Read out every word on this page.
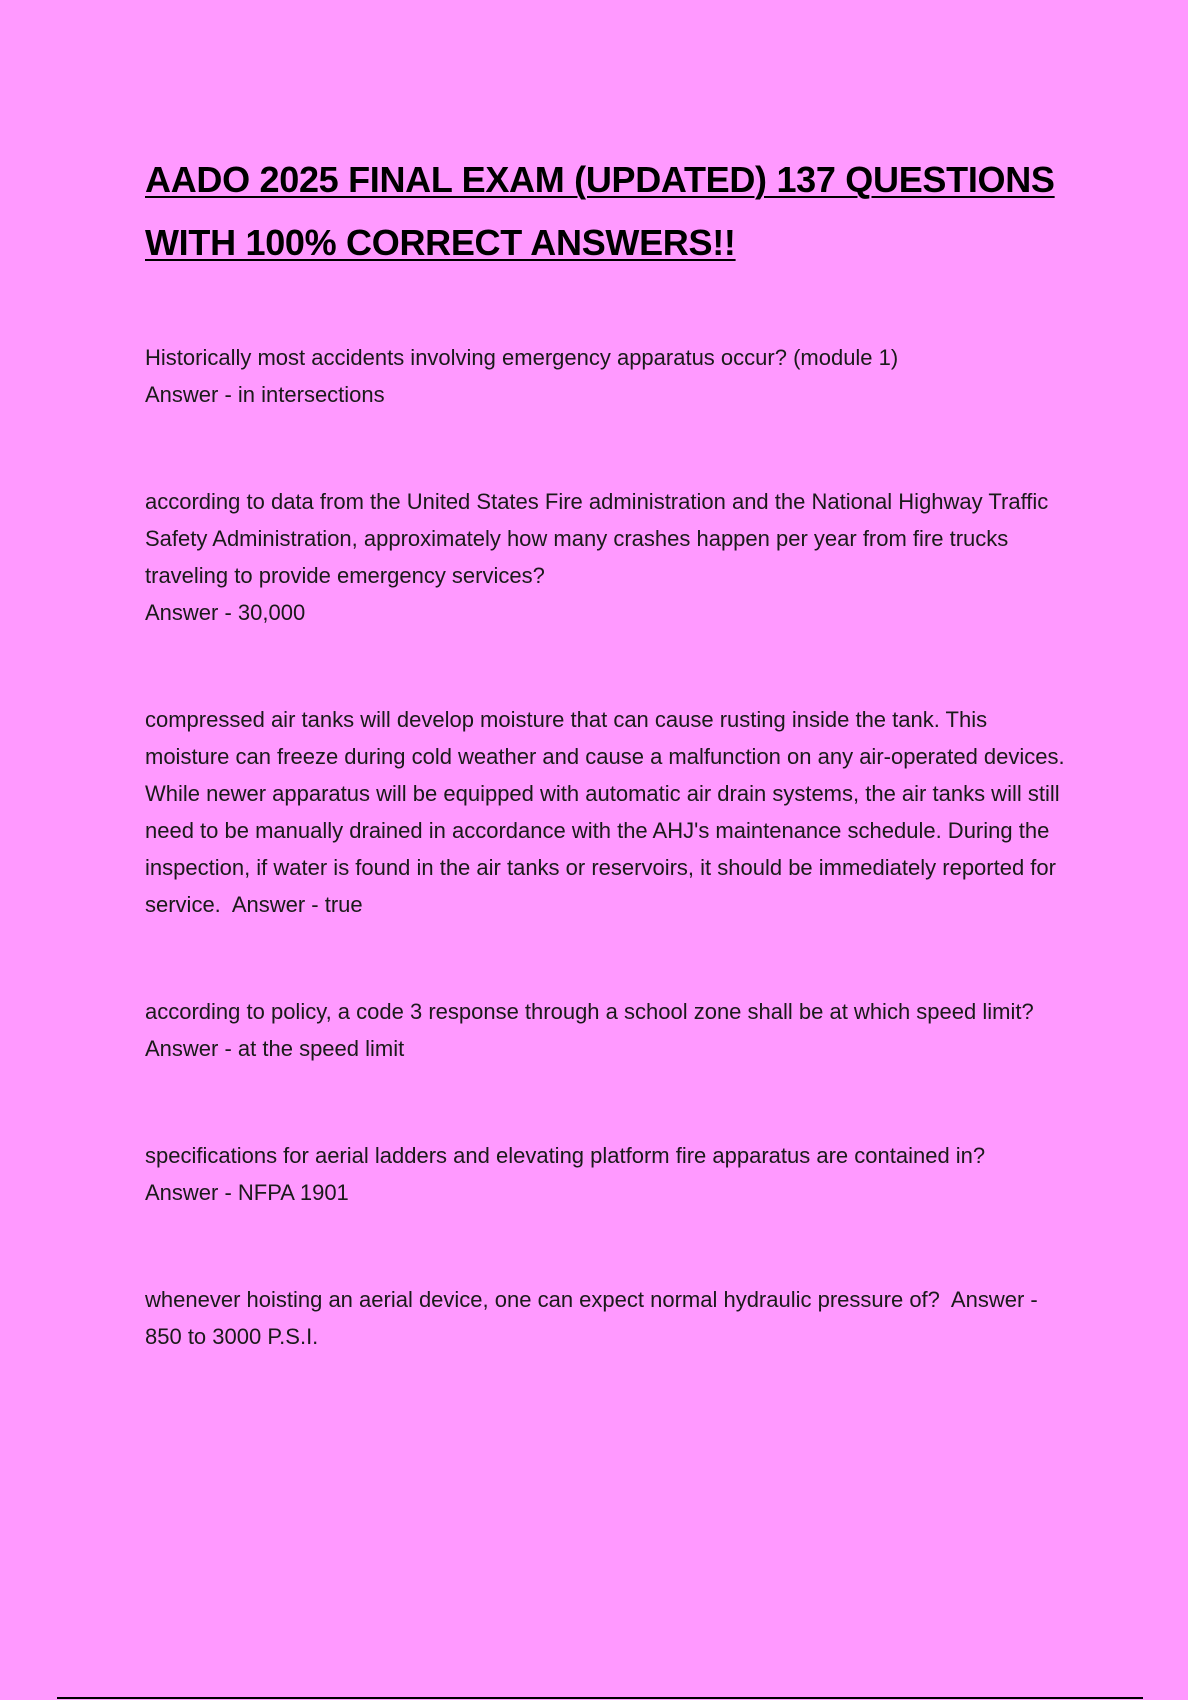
AADO 2025 FINAL EXAM (UPDATED) 137 QUESTIONS WITH 100% CORRECT ANSWERS!!

Historically most accidents involving emergency apparatus occur? (module 1)
Answer - in intersections

according to data from the United States Fire administration and the National Highway Traffic Safety Administration, approximately how many crashes happen per year from fire trucks traveling to provide emergency services?
Answer - 30,000

compressed air tanks will develop moisture that can cause rusting inside the tank. This moisture can freeze during cold weather and cause a malfunction on any air-operated devices. While newer apparatus will be equipped with automatic air drain systems, the air tanks will still need to be manually drained in accordance with the AHJ's maintenance schedule. During the inspection, if water is found in the air tanks or reservoirs, it should be immediately reported for service. Answer - true

according to policy, a code 3 response through a school zone shall be at which speed limit?  Answer - at the speed limit

specifications for aerial ladders and elevating platform fire apparatus are contained in?  Answer - NFPA 1901

whenever hoisting an aerial device, one can expect normal hydraulic pressure of? Answer - 850 to 3000 P.S.I.
